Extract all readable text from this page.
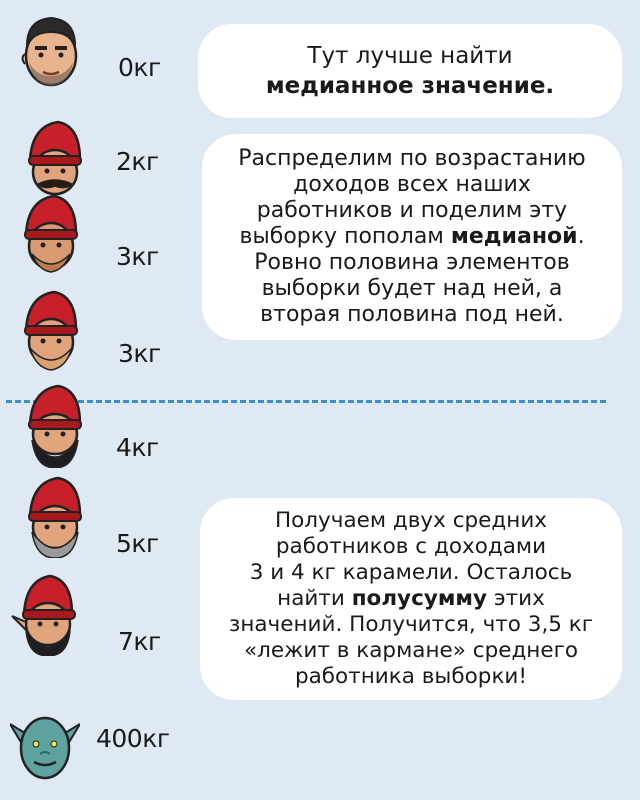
0кг
2кг
3кг
3кг
4кг
5кг
7кг
400кг

Тут лучше найти

медианное значение.

Распределим по возрастанию

доходов всех наших

работников и поделим эту

выборку пополам медианой.

Ровно половина элементов

выборки будет над ней, а

вторая половина под ней.

Получаем двух средних

работников с доходами

3 и 4 кг карамели. Осталось

найти полусумму этих

значений. Получится, что 3,5 кг

«лежит в кармане» среднего

работника выборки!
